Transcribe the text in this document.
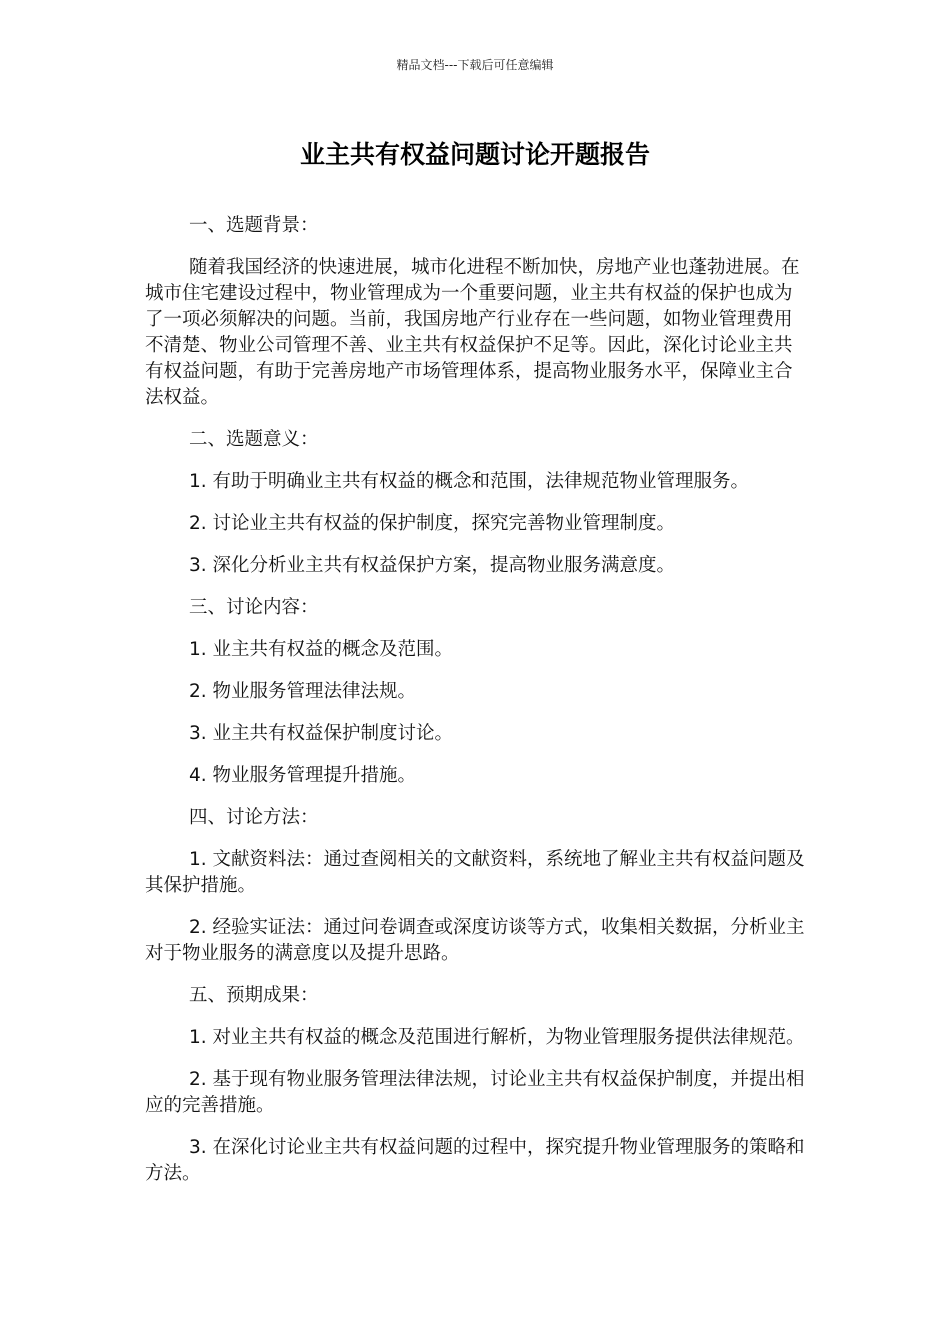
精品文档---下载后可任意编辑
业主共有权益问题讨论开题报告

一、选题背景：

随着我国经济的快速进展，城市化进程不断加快，房地产业也蓬勃进展。在城市住宅建设过程中，物业管理成为一个重要问题，业主共有权益的保护也成为了一项必须解决的问题。当前，我国房地产行业存在一些问题，如物业管理费用不清楚、物业公司管理不善、业主共有权益保护不足等。因此，深化讨论业主共有权益问题，有助于完善房地产市场管理体系，提高物业服务水平，保障业主合法权益。

二、选题意义：

1. 有助于明确业主共有权益的概念和范围，法律规范物业管理服务。

2. 讨论业主共有权益的保护制度，探究完善物业管理制度。

3. 深化分析业主共有权益保护方案，提高物业服务满意度。

三、讨论内容：

1. 业主共有权益的概念及范围。

2. 物业服务管理法律法规。

3. 业主共有权益保护制度讨论。

4. 物业服务管理提升措施。

四、讨论方法：

1. 文献资料法：通过查阅相关的文献资料，系统地了解业主共有权益问题及其保护措施。

2. 经验实证法：通过问卷调查或深度访谈等方式，收集相关数据，分析业主对于物业服务的满意度以及提升思路。

五、预期成果：

1. 对业主共有权益的概念及范围进行解析，为物业管理服务提供法律规范。

2. 基于现有物业服务管理法律法规，讨论业主共有权益保护制度，并提出相应的完善措施。

3. 在深化讨论业主共有权益问题的过程中，探究提升物业管理服务的策略和方法。
